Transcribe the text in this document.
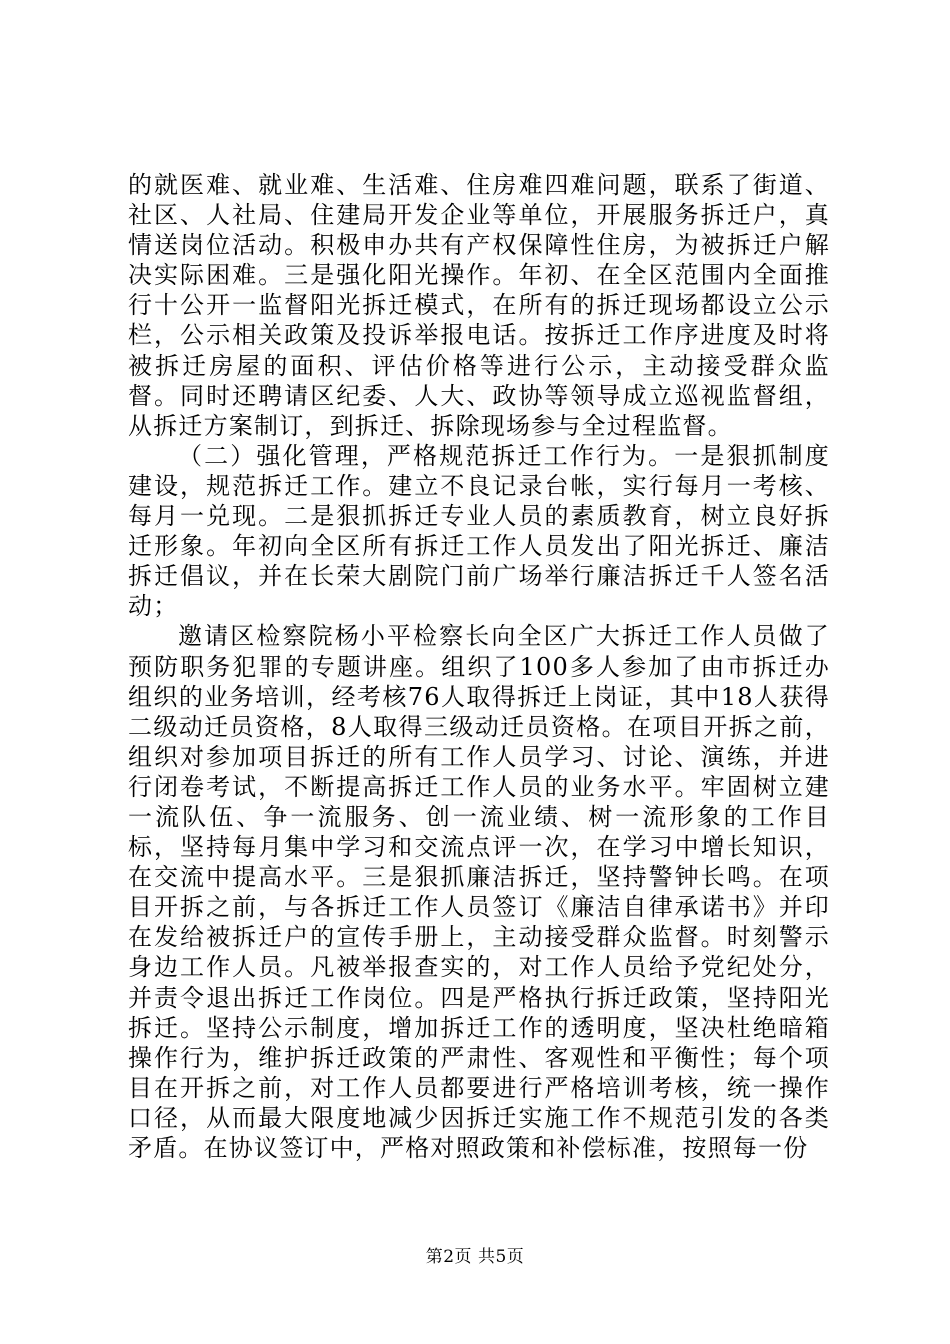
的就医难、就业难、生活难、住房难四难问题，联系了街道、社区、人社局、住建局开发企业等单位，开展服务拆迁户，真情送岗位活动。积极申办共有产权保障性住房，为被拆迁户解决实际困难。三是强化阳光操作。年初、在全区范围内全面推行十公开一监督阳光拆迁模式，在所有的拆迁现场都设立公示栏，公示相关政策及投诉举报电话。按拆迁工作序进度及时将被拆迁房屋的面积、评估价格等进行公示，主动接受群众监督。同时还聘请区纪委、人大、政协等领导成立巡视监督组，从拆迁方案制订，到拆迁、拆除现场参与全过程监督。

（二）强化管理，严格规范拆迁工作行为。一是狠抓制度建设，规范拆迁工作。建立不良记录台帐，实行每月一考核、每月一兑现。二是狠抓拆迁专业人员的素质教育，树立良好拆迁形象。年初向全区所有拆迁工作人员发出了阳光拆迁、廉洁拆迁倡议，并在长荣大剧院门前广场举行廉洁拆迁千人签名活动；

邀请区检察院杨小平检察长向全区广大拆迁工作人员做了预防职务犯罪的专题讲座。组织了100多人参加了由市拆迁办组织的业务培训，经考核76人取得拆迁上岗证，其中18人获得二级动迁员资格，8人取得三级动迁员资格。在项目开拆之前，组织对参加项目拆迁的所有工作人员学习、讨论、演练，并进行闭卷考试，不断提高拆迁工作人员的业务水平。牢固树立建一流队伍、争一流服务、创一流业绩、树一流形象的工作目标，坚持每月集中学习和交流点评一次，在学习中增长知识，在交流中提高水平。三是狠抓廉洁拆迁，坚持警钟长鸣。在项目开拆之前，与各拆迁工作人员签订《廉洁自律承诺书》并印在发给被拆迁户的宣传手册上，主动接受群众监督。时刻警示身边工作人员。凡被举报查实的，对工作人员给予党纪处分，并责令退出拆迁工作岗位。四是严格执行拆迁政策，坚持阳光拆迁。坚持公示制度，增加拆迁工作的透明度，坚决杜绝暗箱操作行为，维护拆迁政策的严肃性、客观性和平衡性；每个项目在开拆之前，对工作人员都要进行严格培训考核，统一操作口径，从而最大限度地减少因拆迁实施工作不规范引发的各类矛盾。在协议签订中，严格对照政策和补偿标准，按照每一份

第2页 共5页
